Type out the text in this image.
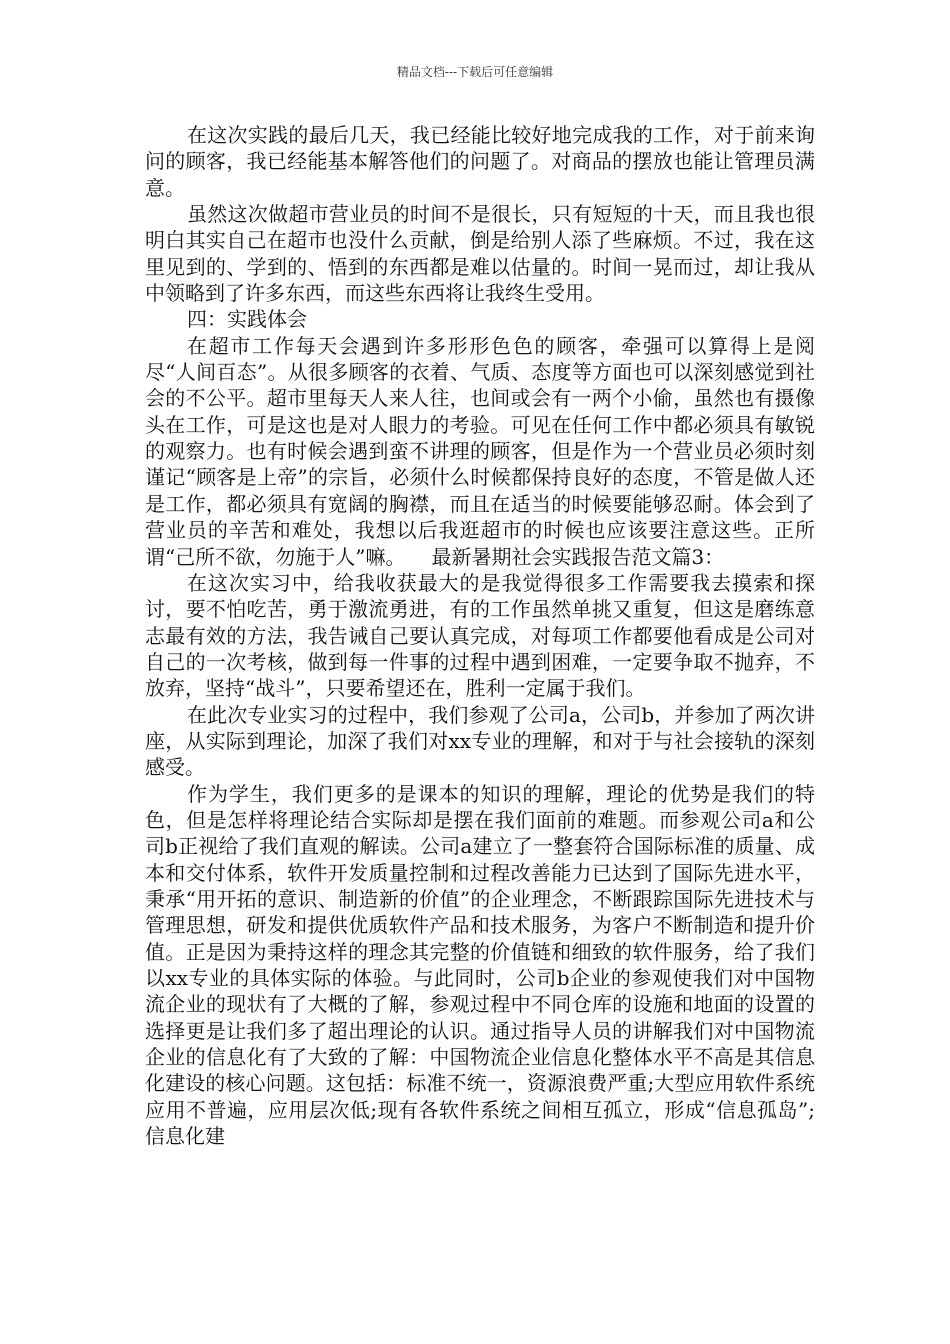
精品文档---下载后可任意编辑

在这次实践的最后几天，我已经能比较好地完成我的工作，对于前来询问的顾客，我已经能基本解答他们的问题了。对商品的摆放也能让管理员满意。

虽然这次做超市营业员的时间不是很长，只有短短的十天，而且我也很明白其实自己在超市也没什么贡献，倒是给别人添了些麻烦。不过，我在这里见到的、学到的、悟到的东西都是难以估量的。时间一晃而过，却让我从中领略到了许多东西，而这些东西将让我终生受用。

四：实践体会

在超市工作每天会遇到许多形形色色的顾客，牵强可以算得上是阅尽“人间百态”。从很多顾客的衣着、气质、态度等方面也可以深刻感觉到社会的不公平。超市里每天人来人往，也间或会有一两个小偷，虽然也有摄像头在工作，可是这也是对人眼力的考验。可见在任何工作中都必须具有敏锐的观察力。也有时候会遇到蛮不讲理的顾客，但是作为一个营业员必须时刻谨记“顾客是上帝”的宗旨，必须什么时候都保持良好的态度，不管是做人还是工作，都必须具有宽阔的胸襟，而且在适当的时候要能够忍耐。体会到了营业员的辛苦和难处，我想以后我逛超市的时候也应该要注意这些。正所谓“己所不欲，勿施于人”嘛。 最新暑期社会实践报告范文篇3：

在这次实习中，给我收获最大的是我觉得很多工作需要我去摸索和探讨，要不怕吃苦，勇于激流勇进，有的工作虽然单挑又重复，但这是磨练意志最有效的方法，我告诫自己要认真完成，对每项工作都要他看成是公司对自己的一次考核，做到每一件事的过程中遇到困难，一定要争取不抛弃，不放弃，坚持“战斗”，只要希望还在，胜利一定属于我们。

在此次专业实习的过程中，我们参观了公司a，公司b，并参加了两次讲座，从实际到理论，加深了我们对xx专业的理解，和对于与社会接轨的深刻感受。

作为学生，我们更多的是课本的知识的理解，理论的优势是我们的特色，但是怎样将理论结合实际却是摆在我们面前的难题。而参观公司a和公司b正视给了我们直观的解读。公司a建立了一整套符合国际标准的质量、成本和交付体系，软件开发质量控制和过程改善能力已达到了国际先进水平，秉承“用开拓的意识、制造新的价值”的企业理念，不断跟踪国际先进技术与管理思想，研发和提供优质软件产品和技术服务，为客户不断制造和提升价值。正是因为秉持这样的理念其完整的价值链和细致的软件服务，给了我们以xx专业的具体实际的体验。与此同时，公司b企业的参观使我们对中国物流企业的现状有了大概的了解，参观过程中不同仓库的设施和地面的设置的选择更是让我们多了超出理论的认识。通过指导人员的讲解我们对中国物流企业的信息化有了大致的了解：中国物流企业信息化整体水平不高是其信息化建设的核心问题。这包括：标准不统一，资源浪费严重;大型应用软件系统应用不普遍，应用层次低;现有各软件系统之间相互孤立，形成“信息孤岛”;信息化建
